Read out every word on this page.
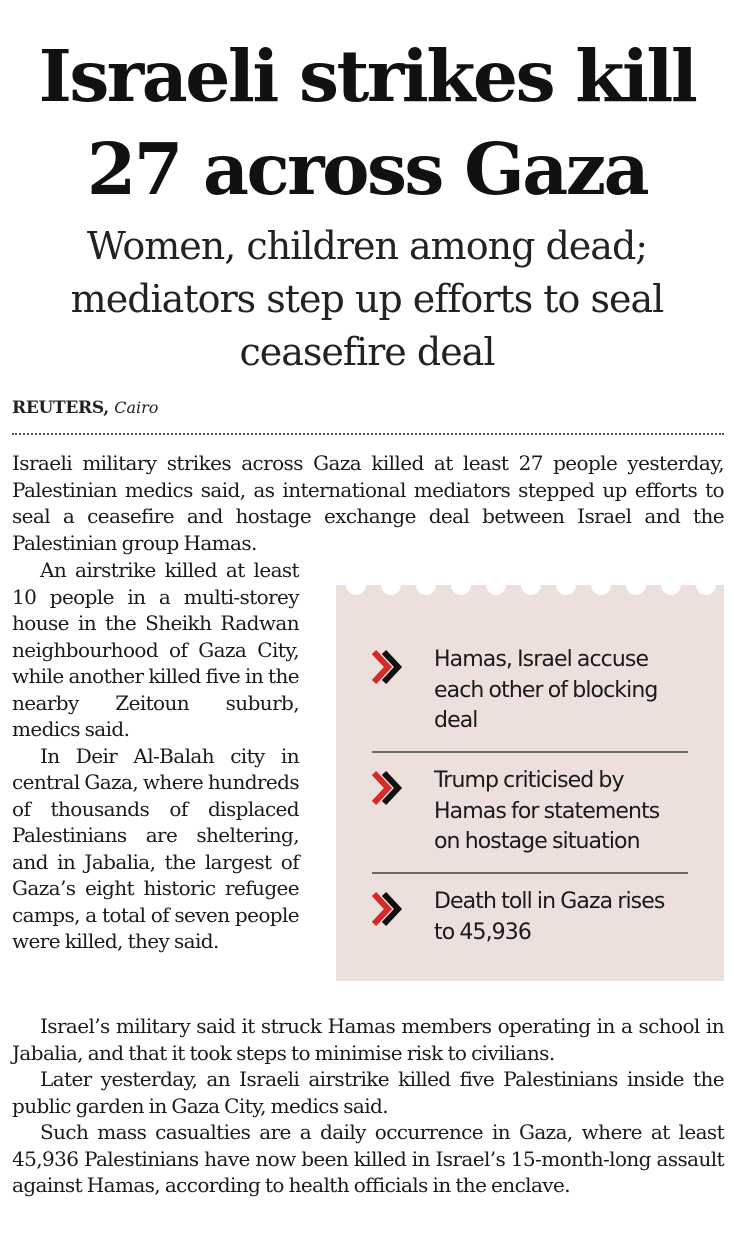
Israeli strikes kill
27 across Gaza
Women, children among dead;
mediators step up efforts to seal
ceasefire deal
REUTERS, Cairo

Israeli military strikes across Gaza killed at least 27 people yesterday, Palestinian medics said, as international mediators stepped up efforts to seal a ceasefire and hostage exchange deal between Israel and the Palestinian group Hamas.

An airstrike killed at least 10 people in a multi-storey house in the Sheikh Radwan neighbourhood of Gaza City, while another killed five in the nearby Zeitoun suburb, medics said.

In Deir Al-Balah city in central Gaza, where hundreds of thousands of displaced Palestinians are sheltering, and in Jabalia, the largest of Gaza’s eight historic refugee camps, a total of seven people were killed, they said.

Hamas, Israel accuse
each other of blocking
deal

Trump criticised by
Hamas for statements
on hostage situation

Death toll in Gaza rises
to 45,936

Israel’s military said it struck Hamas members operating in a school in Jabalia, and that it took steps to minimise risk to civilians.

Later yesterday, an Israeli airstrike killed five Palestinians inside the public garden in Gaza City, medics said.

Such mass casualties are a daily occurrence in Gaza, where at least 45,936 Palestinians have now been killed in Israel’s 15-month-long assault against Hamas, according to health officials in the enclave.
